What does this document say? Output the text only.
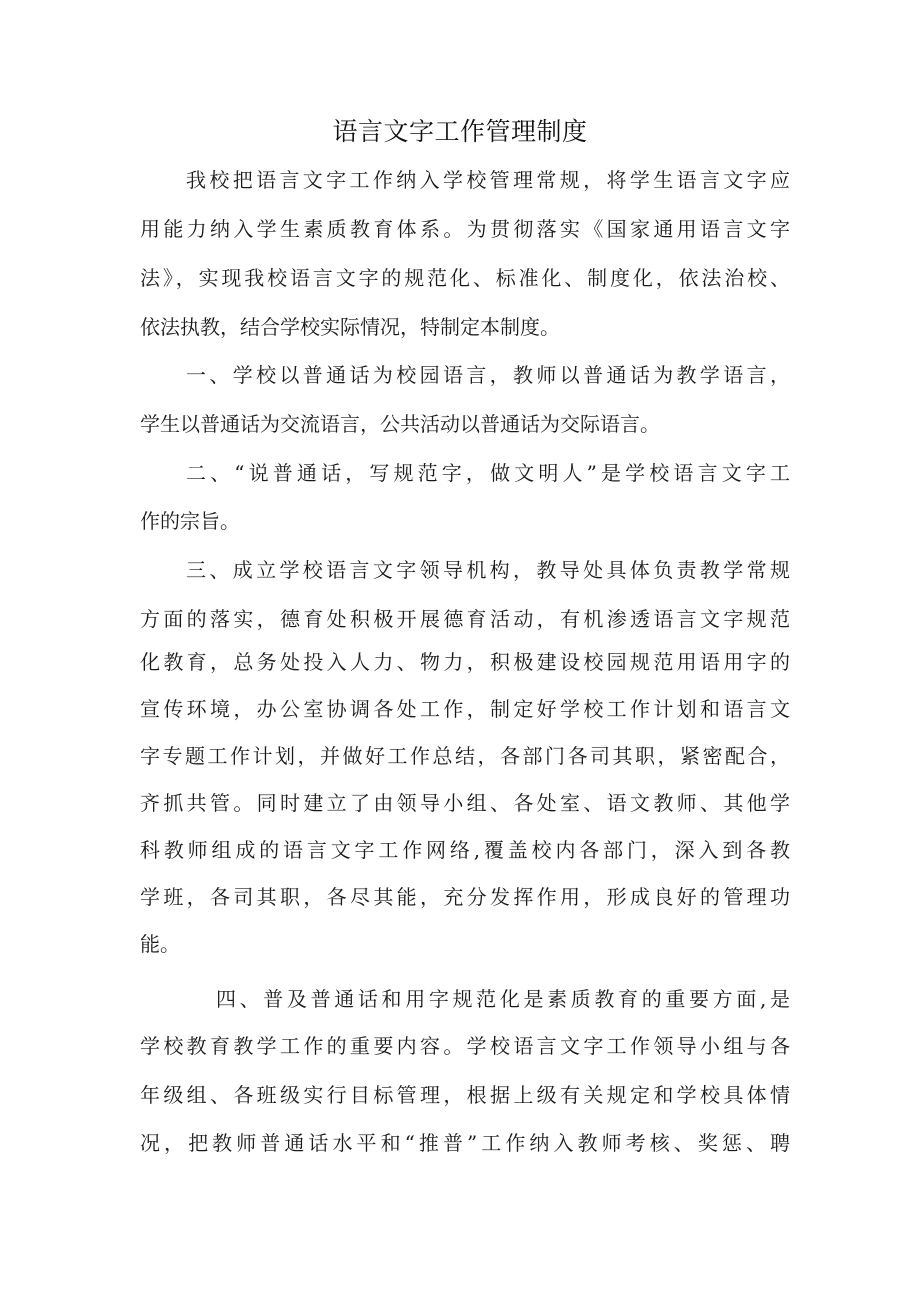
语言文字工作管理制度
我校把语言文字工作纳入学校管理常规，将学生语言文字应
用能力纳入学生素质教育体系。为贯彻落实《国家通用语言文字
法》，实现我校语言文字的规范化、标准化、制度化，依法治校、
依法执教，结合学校实际情况，特制定本制度。
一、学校以普通话为校园语言，教师以普通话为教学语言，
学生以普通话为交流语言，公共活动以普通话为交际语言。
二、“说普通话，写规范字，做文明人”是学校语言文字工
作的宗旨。
三、成立学校语言文字领导机构，教导处具体负责教学常规
方面的落实，德育处积极开展德育活动，有机渗透语言文字规范
化教育，总务处投入人力、物力，积极建设校园规范用语用字的
宣传环境，办公室协调各处工作，制定好学校工作计划和语言文
字专题工作计划，并做好工作总结，各部门各司其职，紧密配合，
齐抓共管。同时建立了由领导小组、各处室、语文教师、其他学
科教师组成的语言文字工作网络,覆盖校内各部门，深入到各教
学班，各司其职，各尽其能，充分发挥作用，形成良好的管理功
能。
四、普及普通话和用字规范化是素质教育的重要方面,是
学校教育教学工作的重要内容。学校语言文字工作领导小组与各
年级组、各班级实行目标管理，根据上级有关规定和学校具体情
况，把教师普通话水平和“推普”工作纳入教师考核、奖惩、聘
